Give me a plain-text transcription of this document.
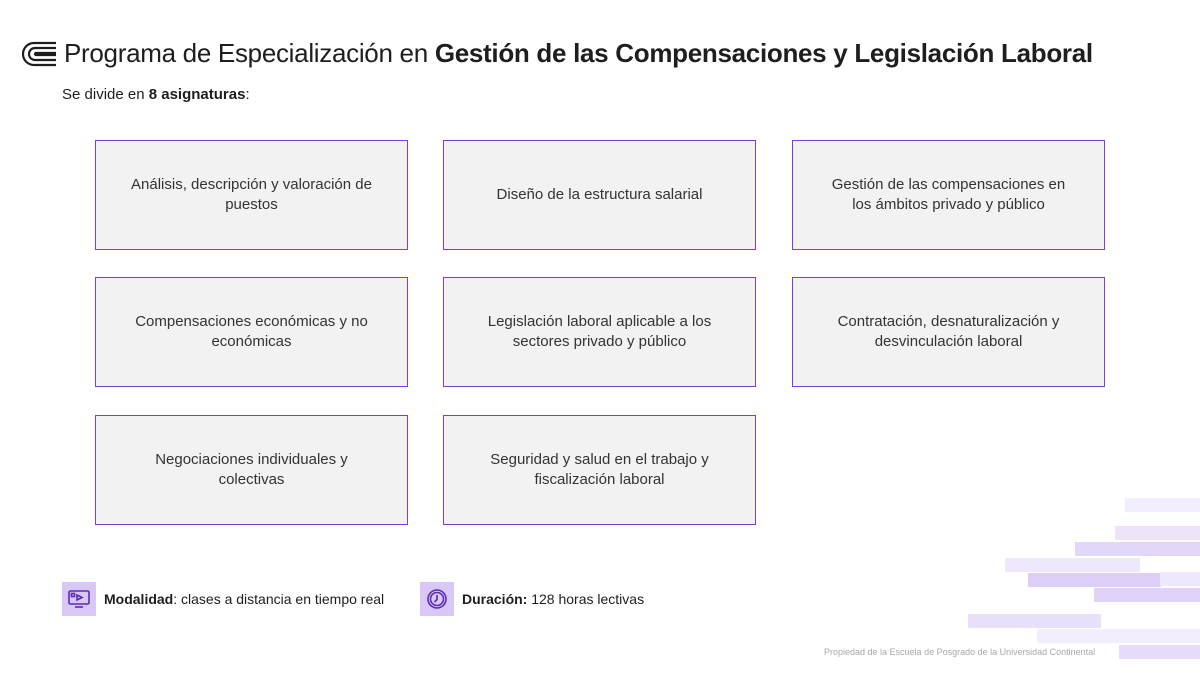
Programa de Especialización en Gestión de las Compensaciones y Legislación Laboral
Se divide en 8 asignaturas:
Análisis, descripción y valoración de puestos
Diseño de la estructura salarial
Gestión de las compensaciones en los ámbitos privado y público
Compensaciones económicas y no económicas
Legislación laboral aplicable a los sectores privado y público
Contratación, desnaturalización y desvinculación laboral
Negociaciones individuales y colectivas
Seguridad y salud en el trabajo y fiscalización laboral
Modalidad : clases a distancia en tiempo real	Duración: 128 horas lectivas
Propiedad de la Escuela de Posgrado de la Universidad Continental
